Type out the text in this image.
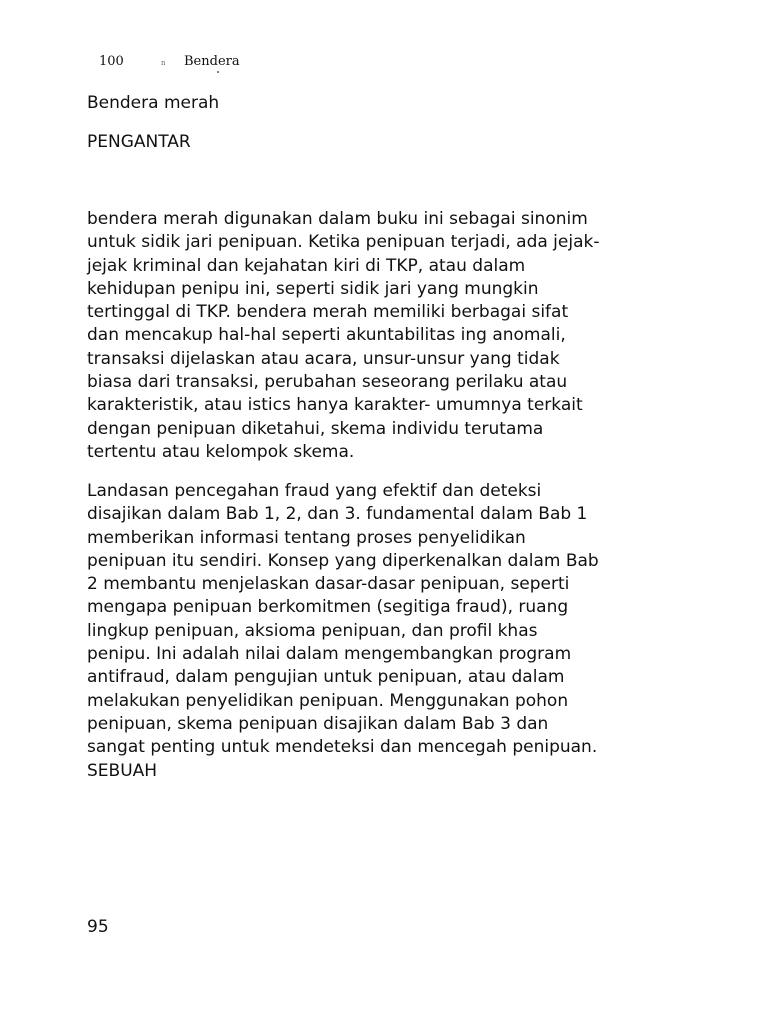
100	n Bendera

Bendera merah

PENGANTAR

bendera merah digunakan dalam buku ini sebagai sinonim
untuk sidik jari penipuan. Ketika penipuan terjadi, ada jejak-
jejak kriminal dan kejahatan kiri di TKP, atau dalam
kehidupan penipu ini, seperti sidik jari yang mungkin
tertinggal di TKP. bendera merah memiliki berbagai sifat
dan mencakup hal-hal seperti akuntabilitas ing anomali,
transaksi dijelaskan atau acara, unsur-unsur yang tidak
biasa dari transaksi, perubahan seseorang perilaku atau
karakteristik, atau istics hanya karakter- umumnya terkait
dengan penipuan diketahui, skema individu terutama
tertentu atau kelompok skema.

Landasan pencegahan fraud yang efektif dan deteksi
disajikan dalam Bab 1, 2, dan 3. fundamental dalam Bab 1
memberikan informasi tentang proses penyelidikan
penipuan itu sendiri. Konsep yang diperkenalkan dalam Bab
2 membantu menjelaskan dasar-dasar penipuan, seperti
mengapa penipuan berkomitmen (segitiga fraud), ruang
lingkup penipuan, aksioma penipuan, dan profil khas
penipu. Ini adalah nilai dalam mengembangkan program
antifraud, dalam pengujian untuk penipuan, atau dalam
melakukan penyelidikan penipuan. Menggunakan pohon
penipuan, skema penipuan disajikan dalam Bab 3 dan
sangat penting untuk mendeteksi dan mencegah penipuan.
SEBUAH

95
